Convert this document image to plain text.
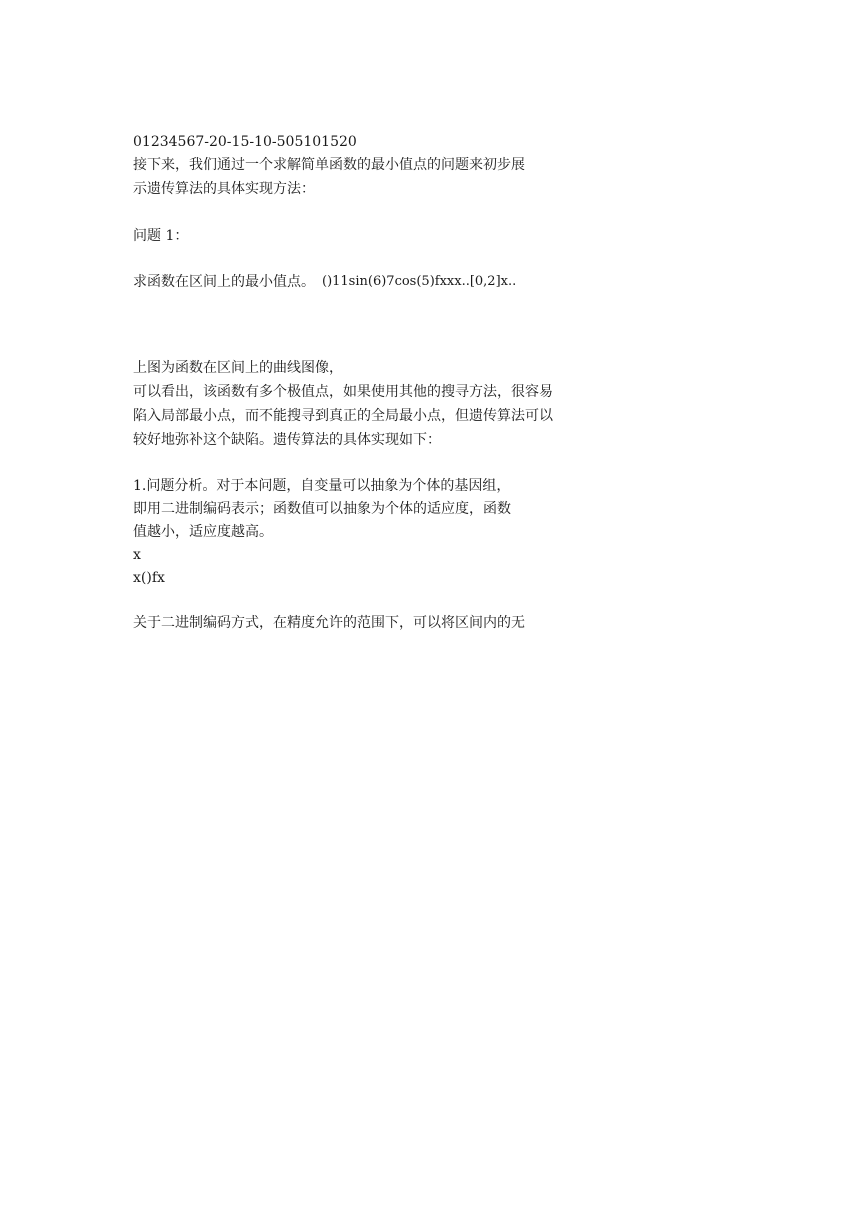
01234567-20-15-10-505101520
接下来，我们通过一个求解简单函数的最小值点的问题来初步展
示遗传算法的具体实现方法：
问题 1：
求函数在区间上的最小值点。 ()11sin(6)7cos(5)fxxx..[0,2]x..
上图为函数在区间上的曲线图像，
可以看出，该函数有多个极值点，如果使用其他的搜寻方法，很容易
陷入局部最小点，而不能搜寻到真正的全局最小点，但遗传算法可以
较好地弥补这个缺陷。遗传算法的具体实现如下：
1.问题分析。对于本问题，自变量可以抽象为个体的基因组，
即用二进制编码表示；函数值可以抽象为个体的适应度，函数
值越小，适应度越高。
x
x()fx
关于二进制编码方式，在精度允许的范围下，可以将区间内的无
